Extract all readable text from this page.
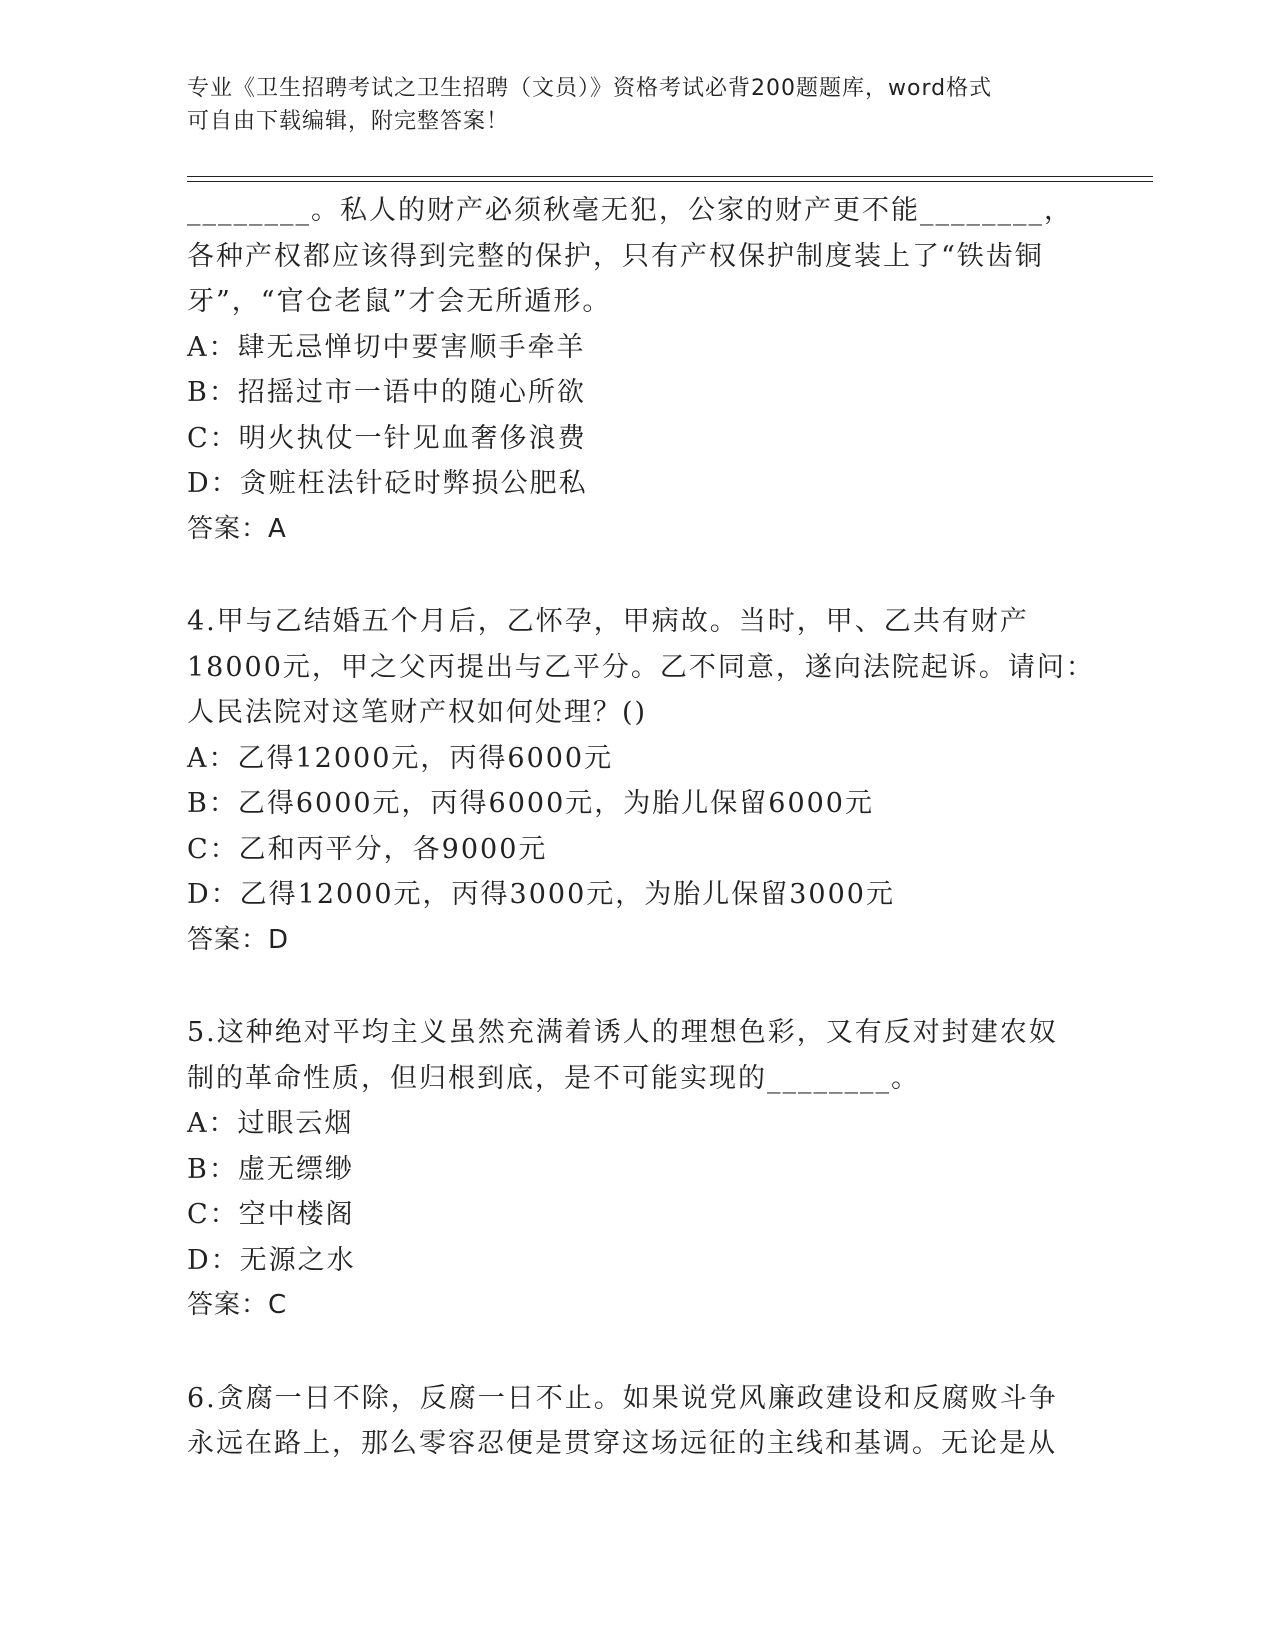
专业《卫生招聘考试之卫生招聘（文员）》资格考试必背200题题库，word格式
可自由下载编辑，附完整答案！
________。私人的财产必须秋毫无犯，公家的财产更不能________，
各种产权都应该得到完整的保护，只有产权保护制度装上了“铁齿铜
牙”，“官仓老鼠”才会无所遁形。
A：肆无忌惮切中要害顺手牵羊
B：招摇过市一语中的随心所欲
C：明火执仗一针见血奢侈浪费
D：贪赃枉法针砭时弊损公肥私
答案：A
4.甲与乙结婚五个月后，乙怀孕，甲病故。当时，甲、乙共有财产
18000元，甲之父丙提出与乙平分。乙不同意，遂向法院起诉。请问：
人民法院对这笔财产权如何处理？()
A：乙得12000元，丙得6000元
B：乙得6000元，丙得6000元，为胎儿保留6000元
C：乙和丙平分，各9000元
D：乙得12000元，丙得3000元，为胎儿保留3000元
答案：D
5.这种绝对平均主义虽然充满着诱人的理想色彩，又有反对封建农奴
制的革命性质，但归根到底，是不可能实现的________。
A：过眼云烟
B：虚无缥缈
C：空中楼阁
D：无源之水
答案：C
6.贪腐一日不除，反腐一日不止。如果说党风廉政建设和反腐败斗争
永远在路上，那么零容忍便是贯穿这场远征的主线和基调。无论是从
